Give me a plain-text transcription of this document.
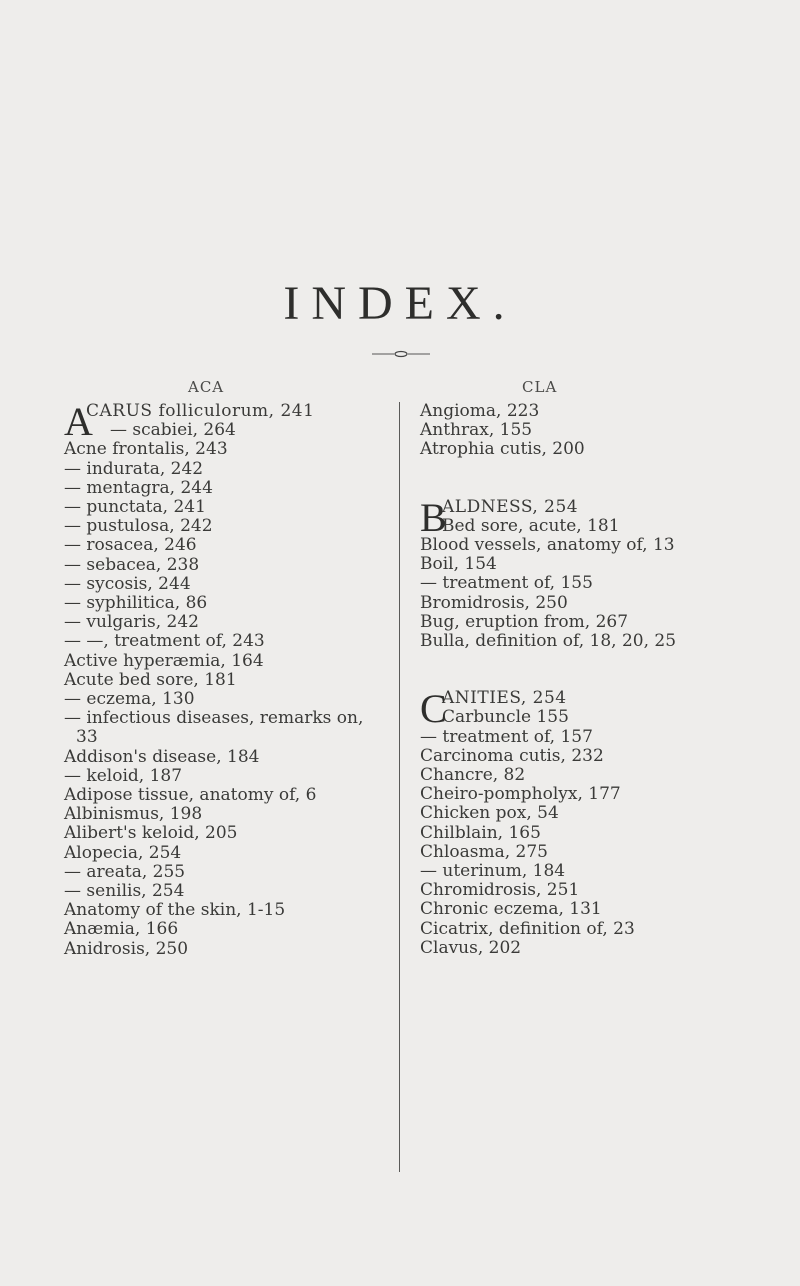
INDEX.
ACA	CLA
A
CARUS folliculorum, 241
— scabiei, 264
Acne frontalis, 243
— indurata, 242
— mentagra, 244
— punctata, 241
— pustulosa, 242
— rosacea, 246
— sebacea, 238
— sycosis, 244
— syphilitica, 86
— vulgaris, 242
— —, treatment of, 243
Active hyperæmia, 164
Acute bed sore, 181
— eczema, 130
— infectious diseases, remarks on,
33
Addison's disease, 184
— keloid, 187
Adipose tissue, anatomy of, 6
Albinismus, 198
Alibert's keloid, 205
Alopecia, 254
— areata, 255
— senilis, 254
Anatomy of the skin, 1-15
Anæmia, 166
Anidrosis, 250
Angioma, 223
Anthrax, 155
Atrophia cutis, 200
B
ALDNESS, 254
Bed sore, acute, 181
Blood vessels, anatomy of, 13
Boil, 154
— treatment of, 155
Bromidrosis, 250
Bug, eruption from, 267
Bulla, definition of, 18, 20, 25
C
ANITIES, 254
Carbuncle 155
— treatment of, 157
Carcinoma cutis, 232
Chancre, 82
Cheiro-pompholyx, 177
Chicken pox, 54
Chilblain, 165
Chloasma, 275
— uterinum, 184
Chromidrosis, 251
Chronic eczema, 131
Cicatrix, definition of, 23
Clavus, 202
